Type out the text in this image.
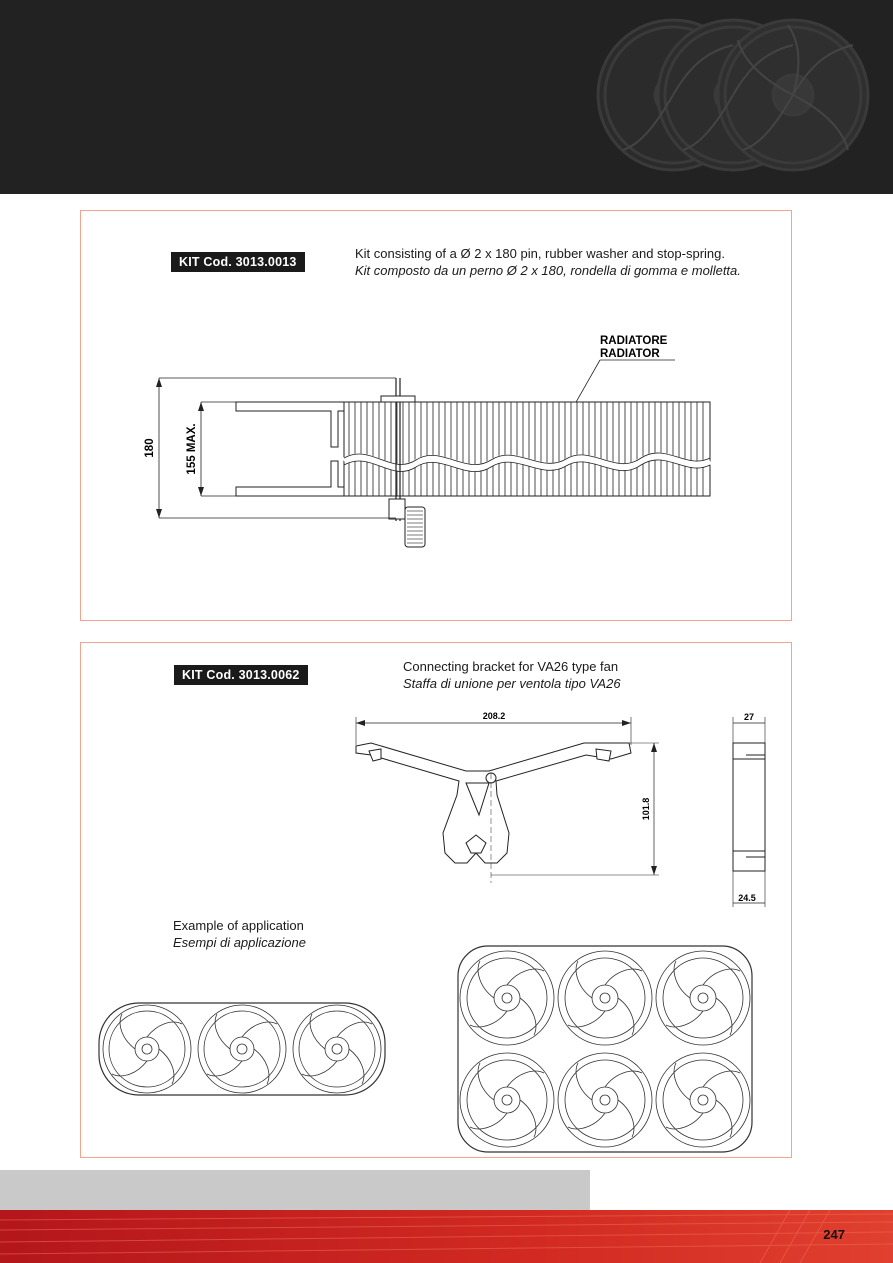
KIT Cod. 3013.0013
Kit consisting of a Ø 2 x 180 pin, rubber washer and stop-spring.
Kit composto da un perno Ø 2 x 180, rondella di gomma e molletta.
RADIATORE
RADIATOR
180	155 MAX.
KIT Cod. 3013.0062
Connecting bracket for VA26 type fan
Staffa di unione per ventola tipo VA26
Example of application
Esempi di applicazione
208.2
101.8
27
24.5
247
